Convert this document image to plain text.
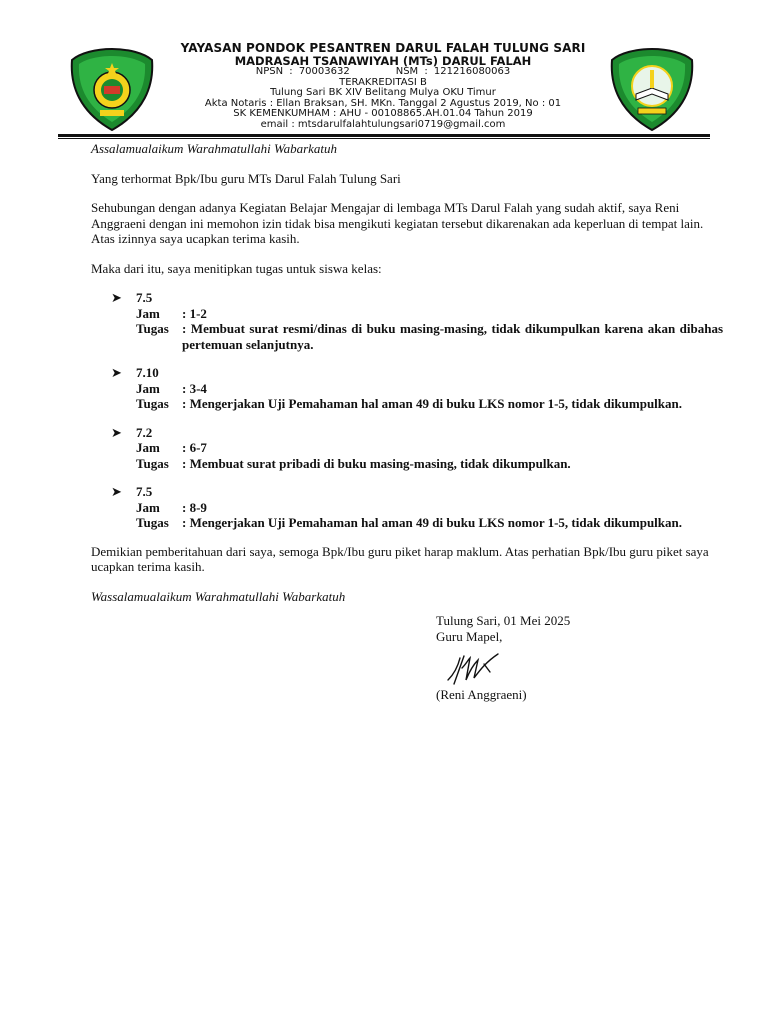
YAYASAN PONDOK PESANTREN DARUL FALAH TULUNG SARI
MADRASAH TSANAWIYAH (MTs) DARUL FALAH
NPSN : 70003632	NSM : 121216080063
TERAKREDITASI B
Tulung Sari BK XIV Belitang Mulya OKU Timur
Akta Notaris : Ellan Braksan, SH. MKn. Tanggal 2 Agustus 2019, No : 01
SK KEMENKUMHAM : AHU - 00108865.AH.01.04 Tahun 2019
email : mtsdarulfalahtulungsari0719@gmail.com

Assalamualaikum Warahmatullahi Wabarkatuh

Yang terhormat Bpk/Ibu guru MTs Darul Falah Tulung Sari

Sehubungan dengan adanya Kegiatan Belajar Mengajar di lembaga MTs Darul Falah yang sudah aktif, saya Reni Anggraeni dengan ini memohon izin tidak bisa mengikuti kegiatan tersebut dikarenakan ada keperluan di tempat lain. Atas izinnya saya ucapkan terima kasih.

Maka dari itu, saya menitipkan tugas untuk siswa kelas:

➤ 7.5
Jam	: 1-2
Tugas	: Membuat surat resmi/dinas di buku masing-masing, tidak dikumpulkan karena akan dibahas pertemuan selanjutnya.
➤ 7.10
Jam	: 3-4
Tugas	: Mengerjakan Uji Pemahaman hal aman 49 di buku LKS nomor 1-5, tidak dikumpulkan.
➤ 7.2
Jam	: 6-7
Tugas	: Membuat surat pribadi di buku masing-masing, tidak dikumpulkan.
➤ 7.5
Jam	: 8-9
Tugas	: Mengerjakan Uji Pemahaman hal aman 49 di buku LKS nomor 1-5, tidak dikumpulkan.

Demikian pemberitahuan dari saya, semoga Bpk/Ibu guru piket harap maklum. Atas perhatian Bpk/Ibu guru piket saya ucapkan terima kasih.

Wassalamualaikum Warahmatullahi Wabarkatuh

Tulung Sari, 01 Mei 2025
Guru Mapel,
(Reni Anggraeni)
